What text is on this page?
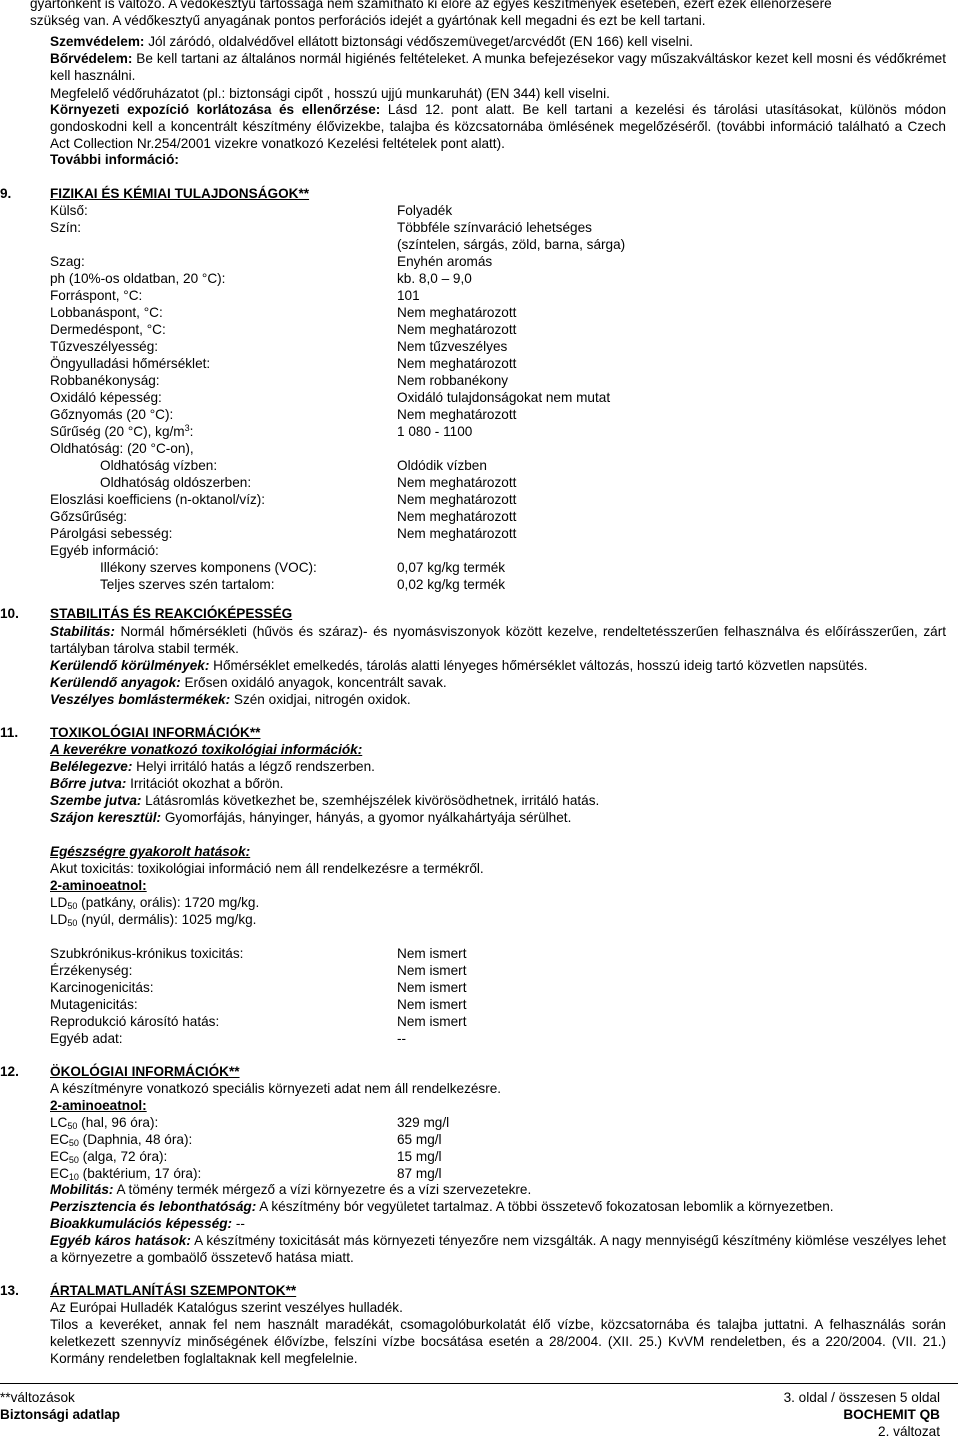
gyártónként is változó. A védőkesztyű tartóssága nem számítható ki előre az egyes készítmények esetében, ezért ezek ellenőrzésére
szükség van. A védőkesztyű anyagának pontos perforációs idejét a gyártónak kell megadni és ezt be kell tartani.
Szemvédelem: Jól záródó, oldalvédővel ellátott biztonsági védőszemüveget/arcvédőt (EN 166) kell viselni.
Bőrvédelem: Be kell tartani az általános normál higiénés feltételeket. A munka befejezésekor vagy műszakváltáskor kezet kell mosni és védőkrémet kell használni.
Megfelelő védőruházatot (pl.: biztonsági cipőt , hosszú ujjú munkaruhát) (EN 344) kell viselni.
Környezeti expozíció korlátozása és ellenőrzése: Lásd 12. pont alatt. Be kell tartani a kezelési és tárolási utasításokat, különös módon gondoskodni kell a koncentrált készítmény élővizekbe, talajba és közcsatornába ömlésének megelőzéséről. (további információ található a Czech Act Collection Nr.254/2001 vizekre vonatkozó Kezelési feltételek pont alatt).
További információ:
9.	FIZIKAI ÉS KÉMIAI TULAJDONSÁGOK**
Külső:	Folyadék
Szín:	Többféle színvaráció lehetséges
(színtelen, sárgás, zöld, barna, sárga)
Szag:	Enyhén aromás
ph (10%-os oldatban, 20 °C):	kb. 8,0 – 9,0
Forráspont, °C:	101
Lobbanáspont, °C:	Nem meghatározott
Dermedéspont, °C:	Nem meghatározott
Tűzveszélyesség:	Nem tűzveszélyes
Öngyulladási hőmérséklet:	Nem meghatározott
Robbanékonyság:	Nem robbanékony
Oxidáló képesség:	Oxidáló tulajdonságokat nem mutat
Gőznyomás (20 °C):	Nem meghatározott
Sűrűség (20 °C), $kg/m^3$:	1 080 - 1100
Oldhatóság: (20 °C-on),
Oldhatóság vízben:	Oldódik vízben
Oldhatóság oldószerben:	Nem meghatározott
Eloszlási koefficiens (n-oktanol/víz):	Nem meghatározott
Gőzsűrűség:	Nem meghatározott
Párolgási sebesség:	Nem meghatározott
Egyéb információ:
Illékony szerves komponens (VOC):	0,07 kg/kg termék
Teljes szerves szén tartalom:	0,02 kg/kg termék
10. STABILITÁS ÉS REAKCIÓKÉPESSÉG
Stabilitás: Normál hőmérsékleti (hűvös és száraz)- és nyomásviszonyok között kezelve, rendeltetésszerűen felhasználva és előírásszerűen, zárt tartályban tárolva stabil termék.
Kerülendő körülmények: Hőmérséklet emelkedés, tárolás alatti lényeges hőmérséklet változás, hosszú ideig tartó közvetlen napsütés.
Kerülendő anyagok: Erősen oxidáló anyagok, koncentrált savak.
Veszélyes bomlástermékek: Szén oxidjai, nitrogén oxidok.
11. TOXIKOLÓGIAI INFORMÁCIÓK**
A keverékre vonatkozó toxikológiai információk:
Belélegezve: Helyi irritáló hatás a légző rendszerben.
Bőrre jutva: Irritációt okozhat a bőrön.
Szembe jutva: Látásromlás következhet be, szemhéjszélek kivörösödhetnek, irritáló hatás.
Szájon keresztül: Gyomorfájás, hányinger, hányás, a gyomor nyálkahártyája sérülhet.
Egészségre gyakorolt hatások:
Akut toxicitás: toxikológiai információ nem áll rendelkezésre a termékről.
2-aminoeatnol:
$LD_{50}$ (patkány, orális): 1720 mg/kg.
$LD_{50}$ (nyúl, dermális): 1025 mg/kg.
Szubkrónikus-krónikus toxicitás:	Nem ismert
Érzékenység:	Nem ismert
Karcinogenicitás:	Nem ismert
Mutagenicitás:	Nem ismert
Reprodukció károsító hatás:	Nem ismert
Egyéb adat:	--
12. ÖKOLÓGIAI INFORMÁCIÓK**
A készítményre vonatkozó speciális környezeti adat nem áll rendelkezésre.
2-aminoeatnol:
$LC_{50}$ (hal, 96 óra):	329 mg/l
$EC_{50}$ (Daphnia, 48 óra):	65 mg/l
$EC_{50}$ (alga, 72 óra):	15 mg/l
$EC_{10}$ (baktérium, 17 óra):	87 mg/l
Mobilitás: A tömény termék mérgező a vízi környezetre és a vízi szervezetekre.
Perzisztencia és lebonthatóság: A készítmény bór vegyületet tartalmaz. A többi összetevő fokozatosan lebomlik a környezetben.
Bioakkumulációs képesség: --
Egyéb káros hatások: A készítmény toxicitását más környezeti tényezőre nem vizsgálták. A nagy mennyiségű készítmény kiömlése veszélyes lehet a környezetre a gombaölő összetevő hatása miatt.
13. ÁRTALMATLANÍTÁSI SZEMPONTOK**
Az Európai Hulladék Katalógus szerint veszélyes hulladék.
Tilos a keveréket, annak fel nem használt maradékát, csomagolóburkolatát élő vízbe, közcsatornába és talajba juttatni. A felhasználás során keletkezett szennyvíz minőségének élővízbe, felszíni vízbe bocsátása esetén a 28/2004. (XII. 25.) KvVM rendeletben, és a 220/2004. (VII. 21.) Kormány rendeletben foglaltaknak kell megfelelnie.
**változások
Biztonsági adatlap
3. oldal / összesen 5 oldal
BOCHEMIT QB
2. változat
